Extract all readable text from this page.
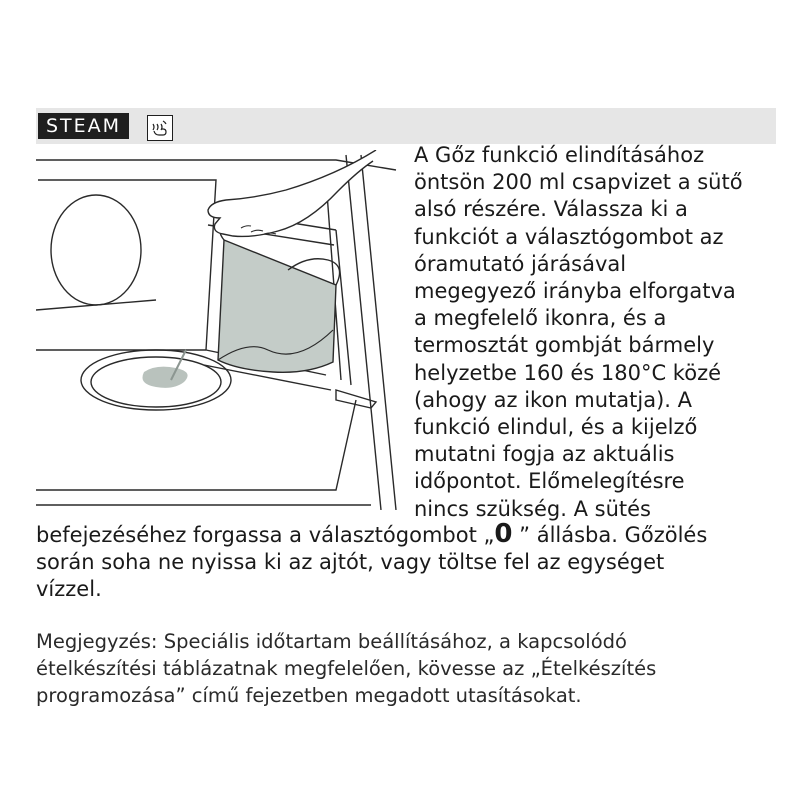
STEAM

A Gőz funkció elindításához
öntsön 200 ml csapvizet a sütő
alsó részére. Válassza ki a
funkciót a választógombot az
óramutató járásával
megegyező irányba elforgatva
a megfelelő ikonra, és a
termosztát gombját bármely
helyzetbe 160 és 180°C közé
(ahogy az ikon mutatja). A
funkció elindul, és a kijelző
mutatni fogja az aktuális
időpontot. Előmelegítésre
nincs szükség. A sütés

befejezéséhez forgassa a választógombot „0 ” állásba. Gőzölés
során soha ne nyissa ki az ajtót, vagy töltse fel az egységet
vízzel.

Megjegyzés: Speciális időtartam beállításához, a kapcsolódó
ételkészítési táblázatnak megfelelően, kövesse az „Ételkészítés
programozása” című fejezetben megadott utasításokat.
